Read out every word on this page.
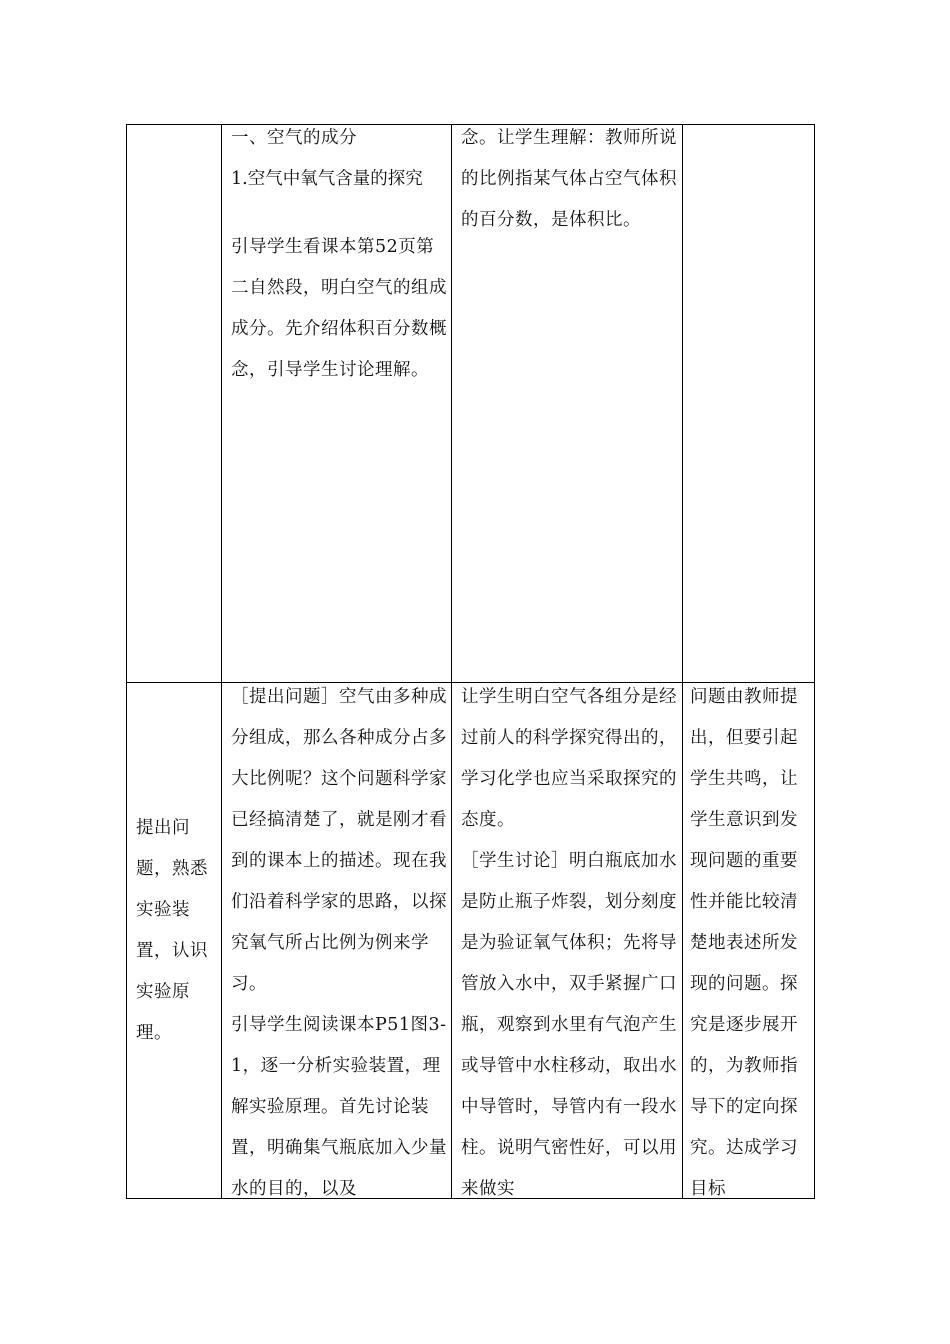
一、空气的成分

1.空气中氧气含量的探究

引导学生看课本第52页第二自然段，明白空气的组成成分。先介绍体积百分数概念，引导学生讨论理解。

念。让学生理解：教师所说的比例指某气体占空气体积的百分数，是体积比。

提出问题，熟悉实验装置，认识实验原理。

［提出问题］空气由多种成分组成，那么各种成分占多大比例呢？这个问题科学家已经搞清楚了，就是刚才看到的课本上的描述。现在我们沿着科学家的思路，以探究氧气所占比例为例来学习。

引导学生阅读课本P51图3-1，逐一分析实验装置，理解实验原理。首先讨论装置，明确集气瓶底加入少量水的目的，以及

让学生明白空气各组分是经过前人的科学探究得出的，学习化学也应当采取探究的态度。

［学生讨论］明白瓶底加水是防止瓶子炸裂，划分刻度是为验证氧气体积；先将导管放入水中，双手紧握广口瓶，观察到水里有气泡产生或导管中水柱移动，取出水中导管时，导管内有一段水柱。说明气密性好，可以用来做实

问题由教师提出，但要引起学生共鸣，让学生意识到发现问题的重要性并能比较清楚地表述所发现的问题。探究是逐步展开的，为教师指导下的定向探究。达成学习目标
